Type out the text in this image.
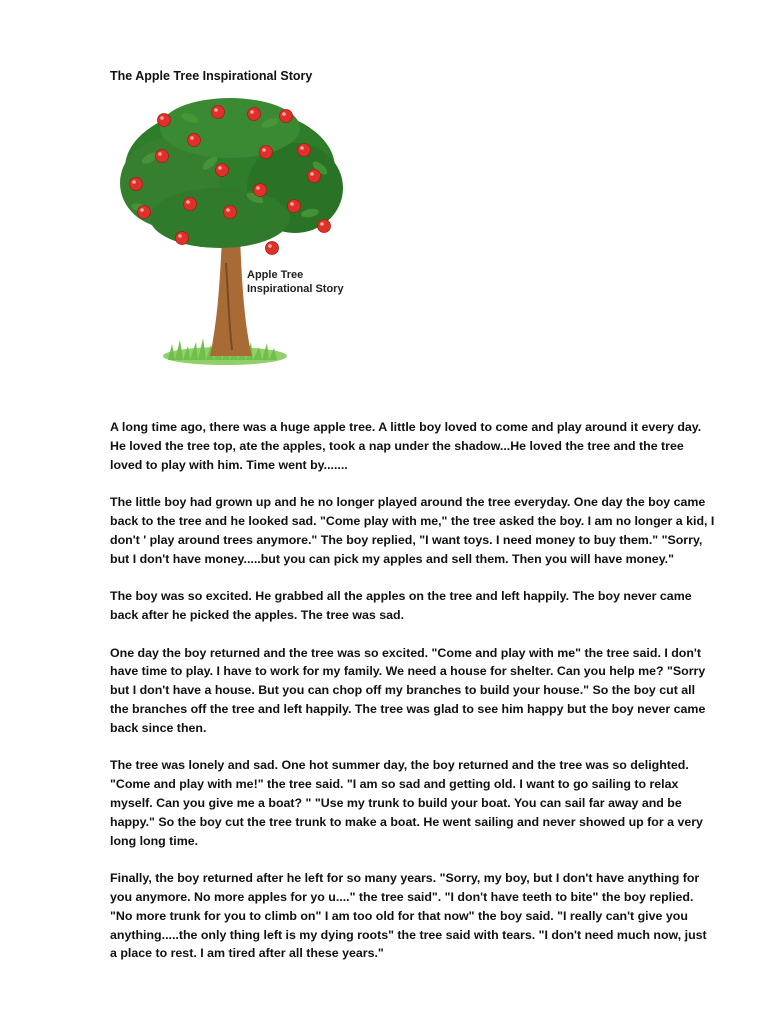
The Apple Tree Inspirational Story
Apple Tree
Inspirational Story

A long time ago, there was a huge apple tree. A little boy loved to come and play around it every day. He loved the tree top, ate the apples, took a nap under the shadow...He loved the tree and the tree loved to play with him. Time went by.......

The little boy had grown up and he no longer played around the tree everyday. One day the boy came back to the tree and he looked sad. "Come play with me," the tree asked the boy. I am no longer a kid, I don't ' play around trees anymore." The boy replied, "I want toys. I need money to buy them." "Sorry, but I don't have money.....but you can pick my apples and sell them. Then you will have money."

The boy was so excited. He grabbed all the apples on the tree and left happily. The boy never came back after he picked the apples. The tree was sad.

One day the boy returned and the tree was so excited. "Come and play with me" the tree said. I don't have time to play. I have to work for my family. We need a house for shelter. Can you help me? "Sorry but I don't have a house. But you can chop off my branches to build your house." So the boy cut all the branches off the tree and left happily. The tree was glad to see him happy but the boy never came back since then.

The tree was lonely and sad. One hot summer day, the boy returned and the tree was so delighted. "Come and play with me!" the tree said. "I am so sad and getting old. I want to go sailing to relax myself. Can you give me a boat? " "Use my trunk to build your boat. You can sail far away and be happy." So the boy cut the tree trunk to make a boat. He went sailing and never showed up for a very long long time.

Finally, the boy returned after he left for so many years. "Sorry, my boy, but I don't have anything for you anymore. No more apples for yo u...." the tree said". "I don't have teeth to bite" the boy replied. "No more trunk for you to climb on" I am too old for that now" the boy said. "I really can't give you anything.....the only thing left is my dying roots" the tree said with tears. "I don't need much now, just a place to rest. I am tired after all these years."
